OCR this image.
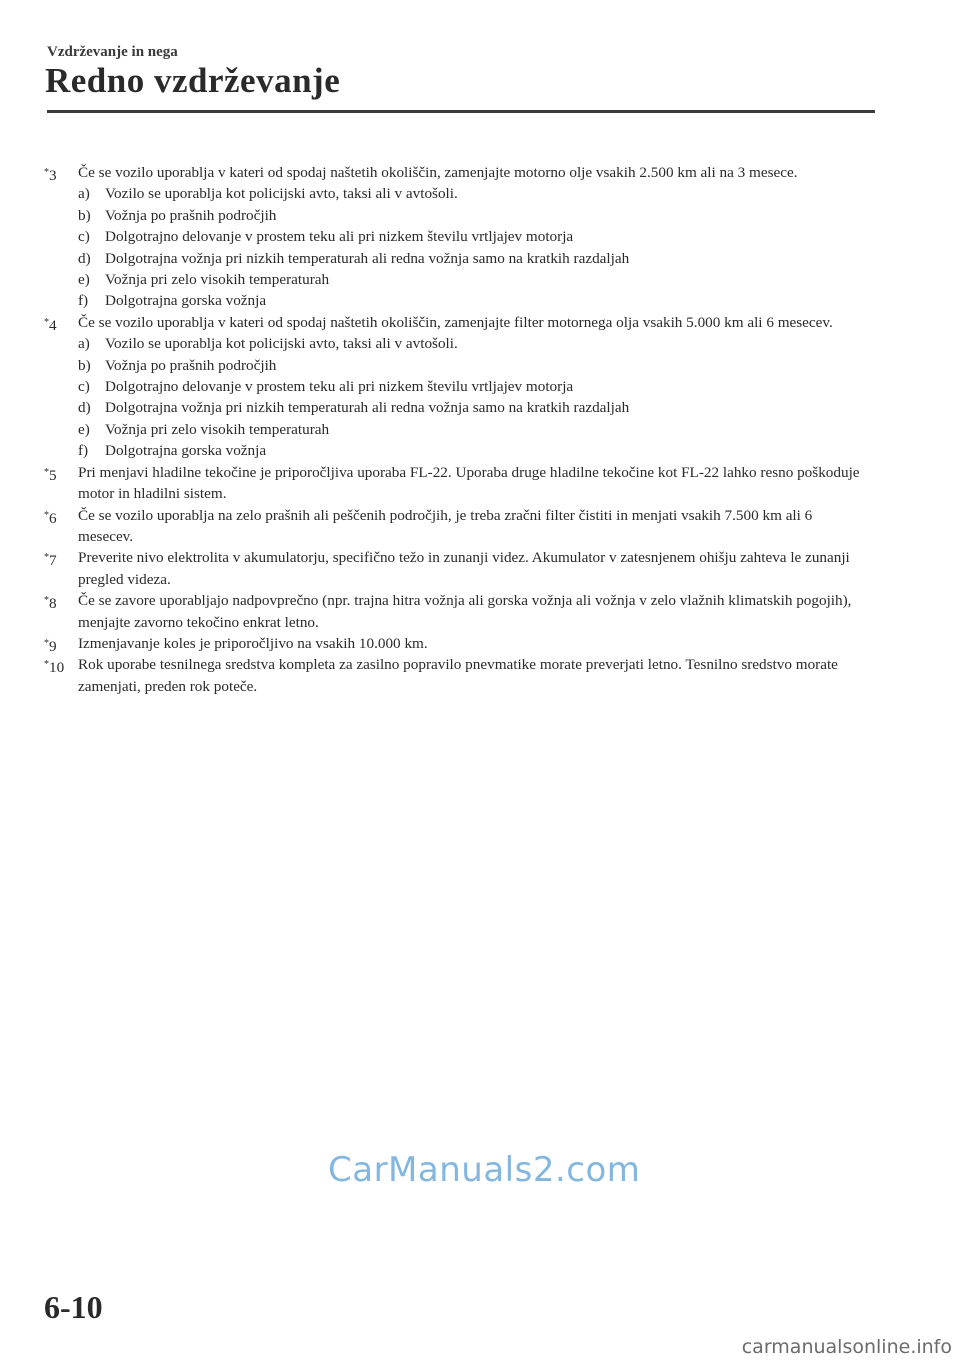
Vzdrževanje in nega
Redno vzdrževanje
*3 Če se vozilo uporablja v kateri od spodaj naštetih okoliščin, zamenjajte motorno olje vsakih 2.500 km ali na 3 mesece.
a) Vozilo se uporablja kot policijski avto, taksi ali v avtošoli.
b) Vožnja po prašnih področjih
c) Dolgotrajno delovanje v prostem teku ali pri nizkem številu vrtljajev motorja
d) Dolgotrajna vožnja pri nizkih temperaturah ali redna vožnja samo na kratkih razdaljah
e) Vožnja pri zelo visokih temperaturah
f) Dolgotrajna gorska vožnja
*4 Če se vozilo uporablja v kateri od spodaj naštetih okoliščin, zamenjajte filter motornega olja vsakih 5.000 km ali 6 mesecev.
a) Vozilo se uporablja kot policijski avto, taksi ali v avtošoli.
b) Vožnja po prašnih področjih
c) Dolgotrajno delovanje v prostem teku ali pri nizkem številu vrtljajev motorja
d) Dolgotrajna vožnja pri nizkih temperaturah ali redna vožnja samo na kratkih razdaljah
e) Vožnja pri zelo visokih temperaturah
f) Dolgotrajna gorska vožnja
*5 Pri menjavi hladilne tekočine je priporočljiva uporaba FL-22. Uporaba druge hladilne tekočine kot FL-22 lahko resno poškoduje motor in hladilni sistem.
*6 Če se vozilo uporablja na zelo prašnih ali peščenih področjih, je treba zračni filter čistiti in menjati vsakih 7.500 km ali 6 mesecev.
*7 Preverite nivo elektrolita v akumulatorju, specifično težo in zunanji videz. Akumulator v zatesnjenem ohišju zahteva le zunanji pregled videza.
*8 Če se zavore uporabljajo nadpovprečno (npr. trajna hitra vožnja ali gorska vožnja ali vožnja v zelo vlažnih klimatskih pogojih), menjajte zavorno tekočino enkrat letno.
*9 Izmenjavanje koles je priporočljivo na vsakih 10.000 km.
*10 Rok uporabe tesnilnega sredstva kompleta za zasilno popravilo pnevmatike morate preverjati letno. Tesnilno sredstvo morate zamenjati, preden rok poteče.
CarManuals2.com
6-10
carmanualsonline.info
